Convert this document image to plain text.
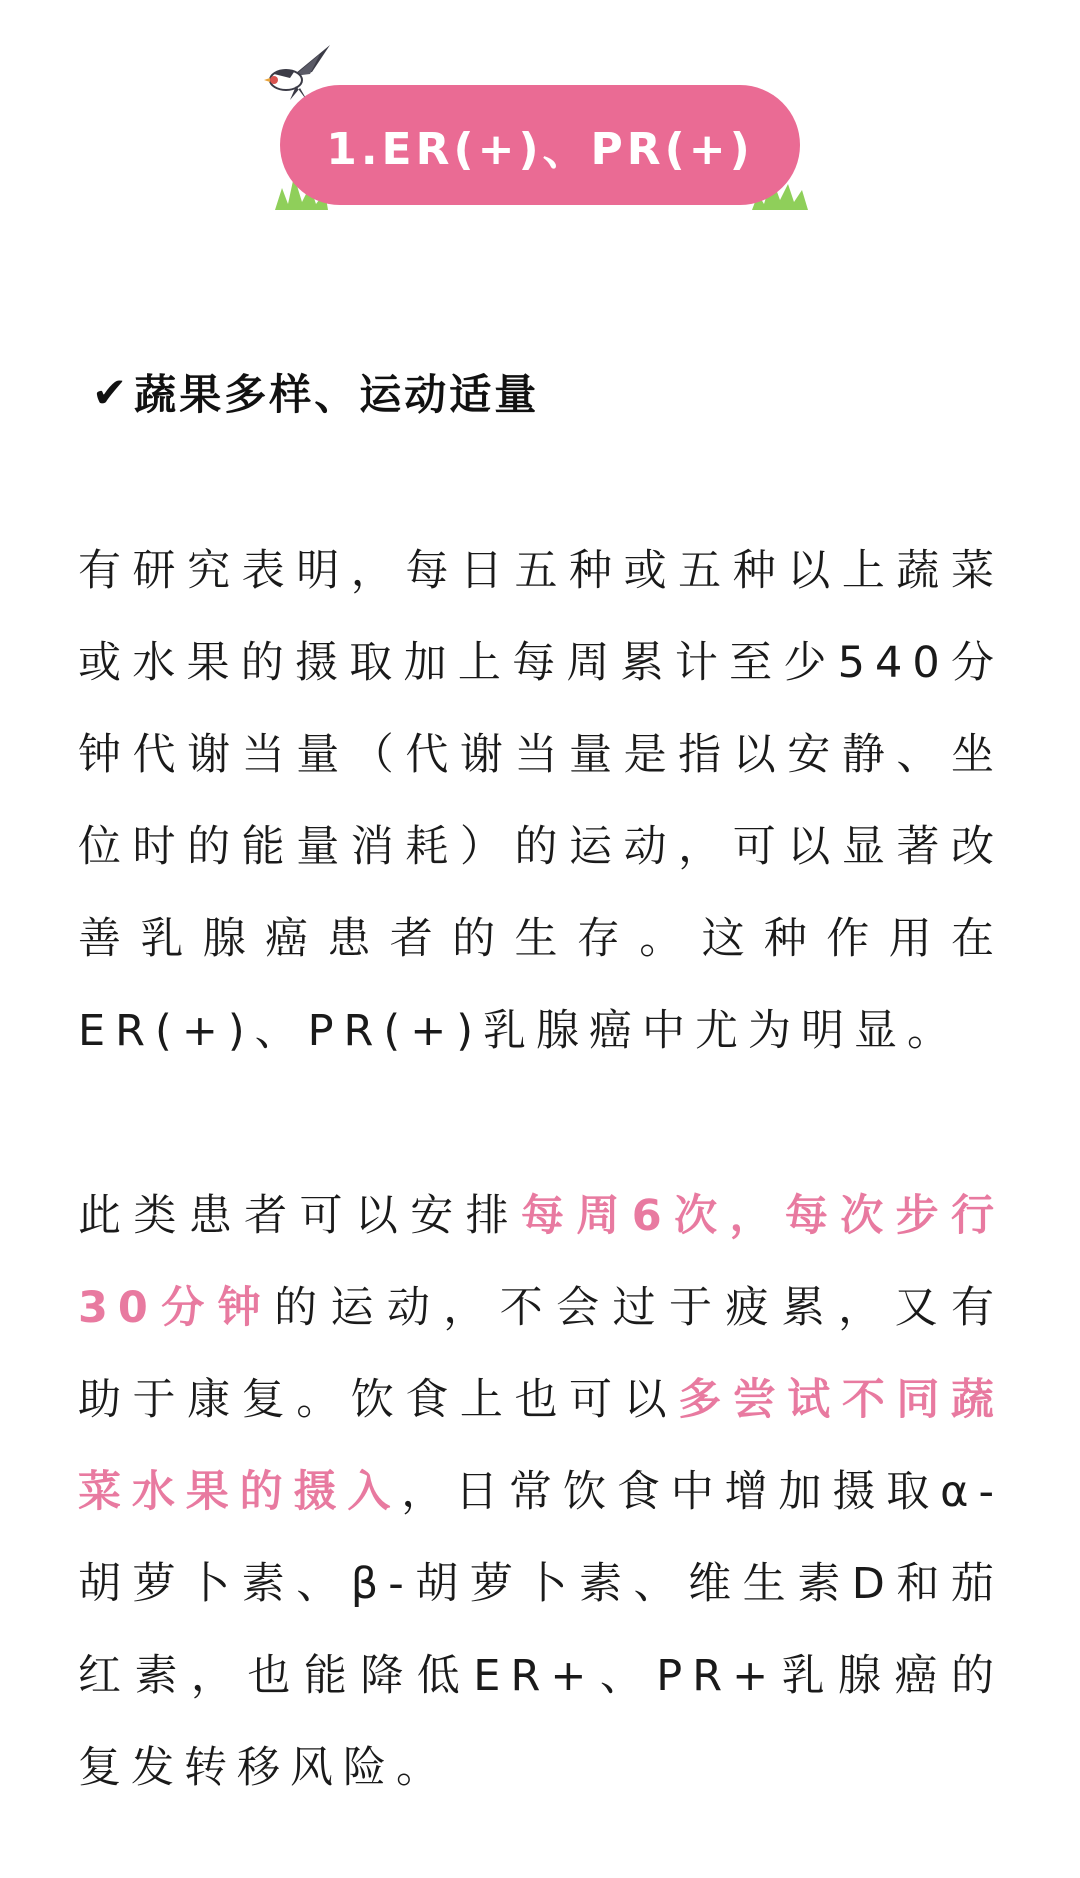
1.ER(+)、PR(+)
✔ 蔬果多样、运动适量

有研究表明，每日五种或五种以上蔬菜或水果的摄取加上每周累计至少540分钟代谢当量（代谢当量是指以安静、坐位时的能量消耗）的运动，可以显著改善乳腺癌患者的生存。这种作用在ER(+)、PR(+)乳腺癌中尤为明显。

此类患者可以安排每周6次，每次步行30分钟的运动，不会过于疲累，又有助于康复。饮食上也可以多尝试不同蔬菜水果的摄入，日常饮食中增加摄取α-胡萝卜素、β-胡萝卜素、维生素D和茄红素，也能降低ER+、PR+乳腺癌的复发转移风险。
